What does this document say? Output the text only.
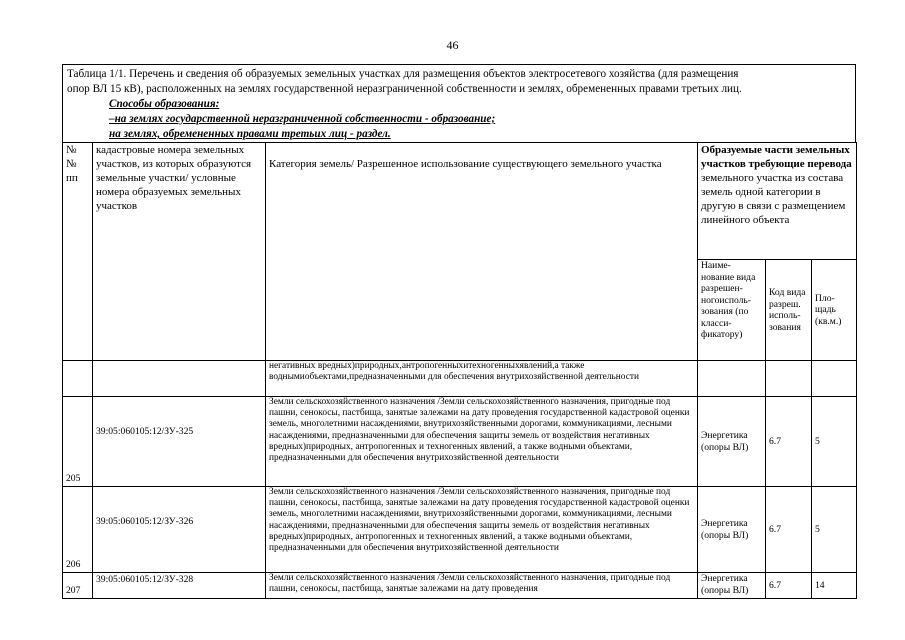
46
Таблица 1/1. Перечень и сведения об образуемых земельных участках для размещения объектов электросетевого хозяйства (для размещения
опор ВЛ 15 кВ), расположенных на землях государственной неразграниченной собственности и землях, обремененных правами третьих лиц.
Способы образования:
–на землях государственной неразграниченной собственности - образование;
на землях, обремененных правами третьих лиц - раздел.
№ № пп	кадастровые номера земельных участков, из которых образуются земельные участки/ условные номера образуемых земельных участков	Категория земель/ Разрешенное использование существующего земельного участка	Образуемые части земельных участков требующие перевода земельного участка из состава земель одной категории в другую в связи с размещением линейного объекта		
			Наиме-нование вида разрешен-ногоисполь-зования (по класси-фикатору)	Код вида разреш. исполь-зования	Пло-щадь (кв.м.)
		негативных вредных)природных,антропогенныхитехногенныхявлений,а также воднымиобъектами,предназначенными для обеспечения внутрихозяйственной деятельности			
205	39:05:060105:12/ЗУ-325	Земли сельскохозяйственного назначения /Земли сельскохозяйственного назначения, пригодные под пашни, сенокосы, пастбища, занятые залежами на дату проведения государственной кадастровой оценки земель, многолетними насаждениями, внутрихозяйственными дорогами, коммуникациями, лесными насаждениями, предназначенными для обеспечения защиты земель от воздействия негативных вредных)природных, антропогенных и техногенных явлений, а также водными объектами, предназначенными для обеспечения внутрихозяйственной деятельности	Энергетика (опоры ВЛ)	6.7	5
206	39:05:060105:12/ЗУ-326	Земли сельскохозяйственного назначения /Земли сельскохозяйственного назначения, пригодные под пашни, сенокосы, пастбища, занятые залежами на дату проведения государственной кадастровой оценки земель, многолетними насаждениями, внутрихозяйственными дорогами, коммуникациями, лесными насаждениями, предназначенными для обеспечения защиты земель от воздействия негативных вредных)природных, антропогенных и техногенных явлений, а также водными объектами, предназначенными для обеспечения внутрихозяйственной деятельности	Энергетика (опоры ВЛ)	6.7	5
207	39:05:060105:12/ЗУ-328	Земли сельскохозяйственного назначения /Земли сельскохозяйственного назначения, пригодные под пашни, сенокосы, пастбища, занятые залежами на дату проведения	Энергетика (опоры ВЛ)	6.7	14
